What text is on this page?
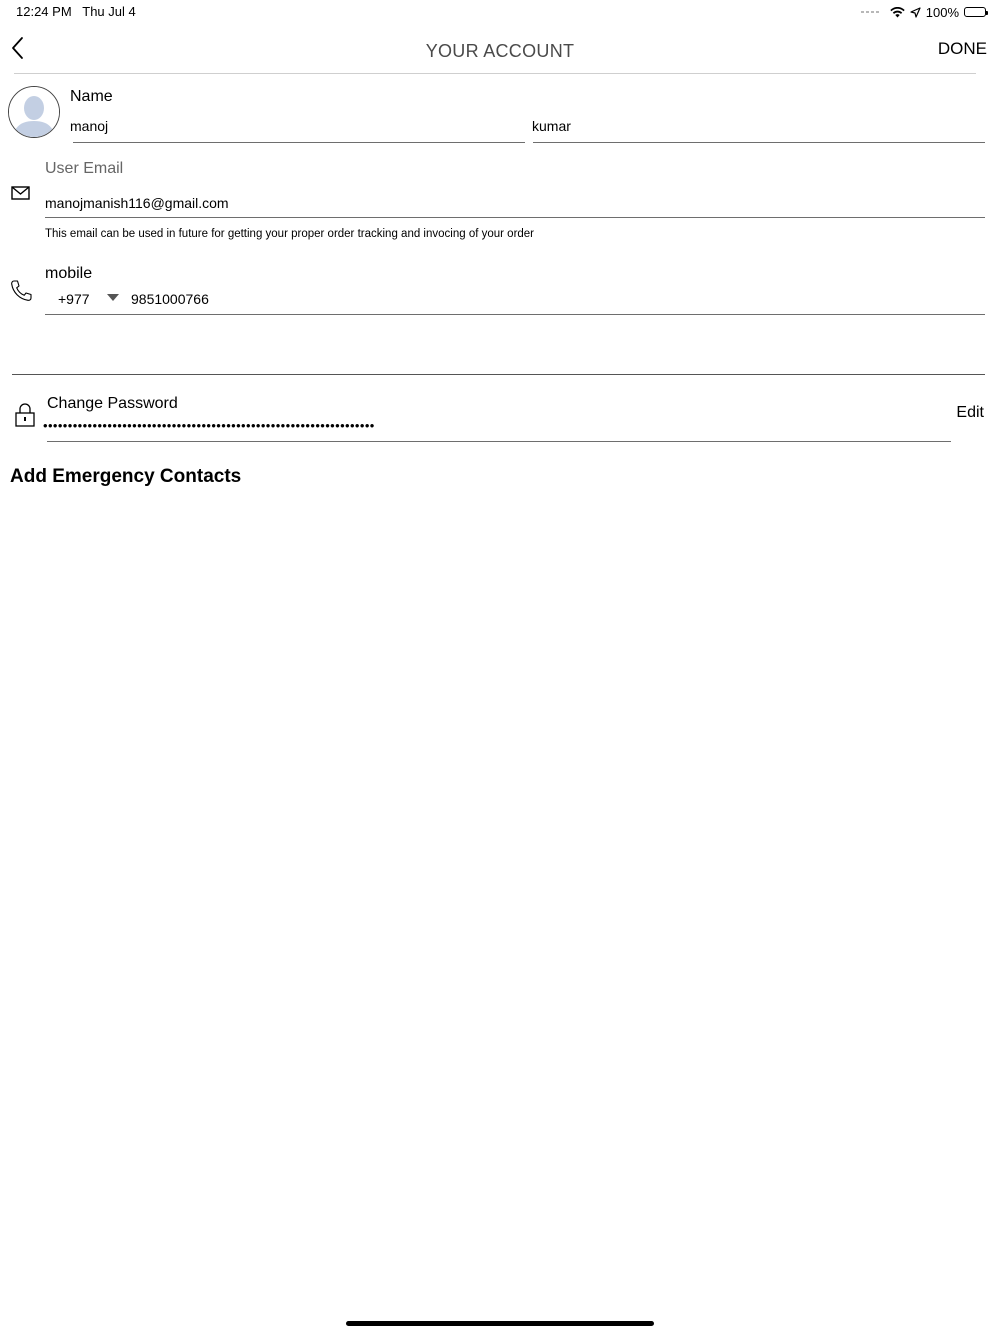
12:24 PM Thu Jul 4	100%
YOUR ACCOUNT	DONE
Name
manoj	kumar
User Email
manojmanish116@gmail.com
This email can be used in future for getting your proper order tracking and invocing of your order
mobile
+977	9851000766
Change Password
•••••••••••••••••••••••••••••••••••••••••••••••••••••••••••••••••••
Edit
Add Emergency Contacts
